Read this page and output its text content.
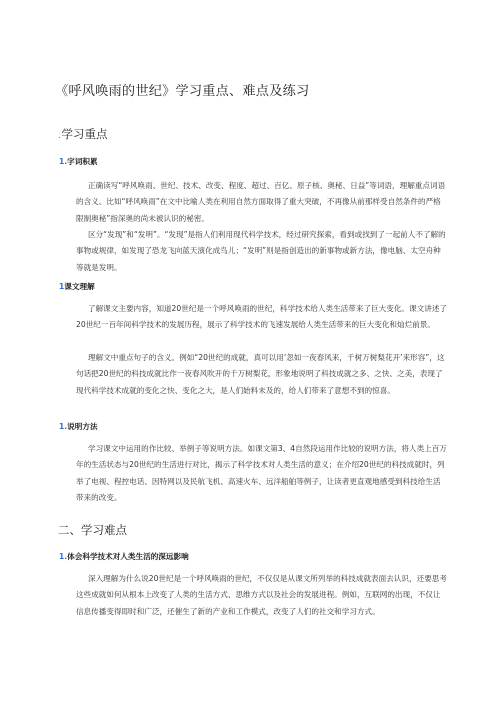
《呼风唤雨的世纪》学习重点、难点及练习
.学习重点
1.字词积累

正确读写“呼风唤雨、世纪、技术、改变、程度、超过、百亿、原子核、奥秘、日益”等词语，理解重点词语的含义。比如“呼风唤雨”在文中比喻人类在利用自然方面取得了重大突破，不再像从前那样受自然条件的严格限制奥秘”指深奥的尚未被认识的秘密。

区分“发现”和“发明”。“发现”是指人们利用现代科学技术，经过研究探索，看到或找到了一起前人不了解的事物或规律，如发现了恐龙飞向蓝天演化成鸟儿；“发明”则是指创造出的新事物或新方法，像电脑、太空舟种等就是发明。

1课文理解

了解课文主要内容，知道20世纪是一个呼风唤雨的世纪，科学技术给人类生活带来了巨大变化。课文讲述了20世纪一百年间科学技术的发展历程，展示了科学技术的飞速发展给人类生活带来的巨大变化和灿烂前景。

理解文中重点句子的含义。例如“20世纪的成就，真可以用‘忽如一夜春风来，千树万树梨花开’来形容”，这句话把20世纪的科技成就比作一夜春风吹开的千万树梨花，形象地说明了科技成就之多、之快、之美，表现了现代科学技术成就的变化之快、变化之大，是人们始料未及的，给人们带来了意想不到的惊喜。

1.说明方法

学习课文中运用的作比较、举例子等说明方法。如课文第3、4自然段运用作比较的说明方法，将人类上百万年的生活状态与20世纪的生活进行对比，揭示了科学技术对人类生活的意义；在介绍20世纪的科技成就时，列举了电视、程控电话、因特网以及民航飞机、高速火车、远洋船舶等例子，让读者更直观地感受到科技给生活带来的改变。

二、学习难点
1.体会科学技术对人类生活的深远影响

深入理解为什么说20世纪是一个呼风唤雨的世纪，不仅仅是从课文所列举的科技成就表面去认识，还要思考这些成就如何从根本上改变了人类的生活方式、思维方式以及社会的发展进程。例如，互联网的出现，不仅让信息传播变得即时和广泛，还催生了新的产业和工作模式，改变了人们的社交和学习方式。
